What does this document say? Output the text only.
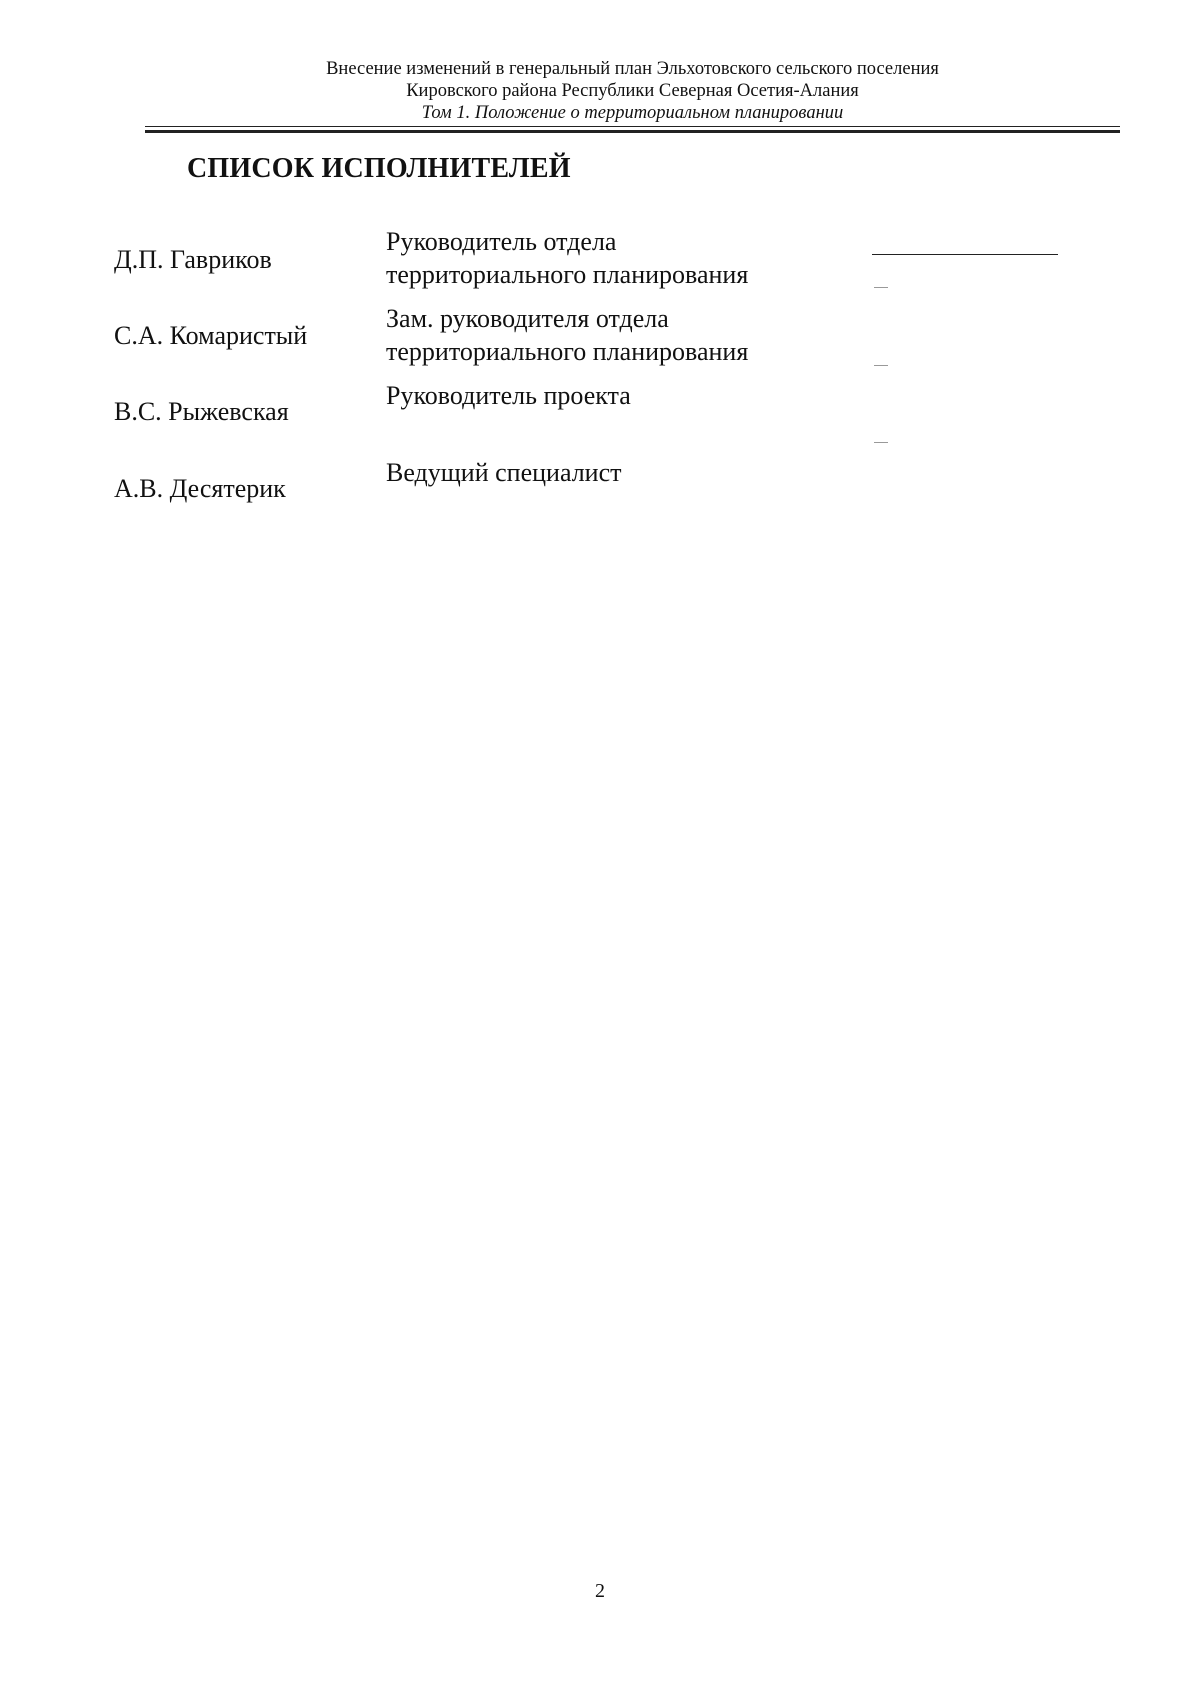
Внесение изменений в генеральный план Эльхотовского сельского поселения
Кировского района Республики Северная Осетия-Алания
Том 1. Положение о территориальном планировании
СПИСОК ИСПОЛНИТЕЛЕЙ
Д.П. Гавриков
Руководитель отдела
территориального планирования
С.А. Комаристый
Зам. руководителя отдела
территориального планирования
В.С. Рыжевская
Руководитель проекта
А.В. Десятерик
Ведущий специалист
2
